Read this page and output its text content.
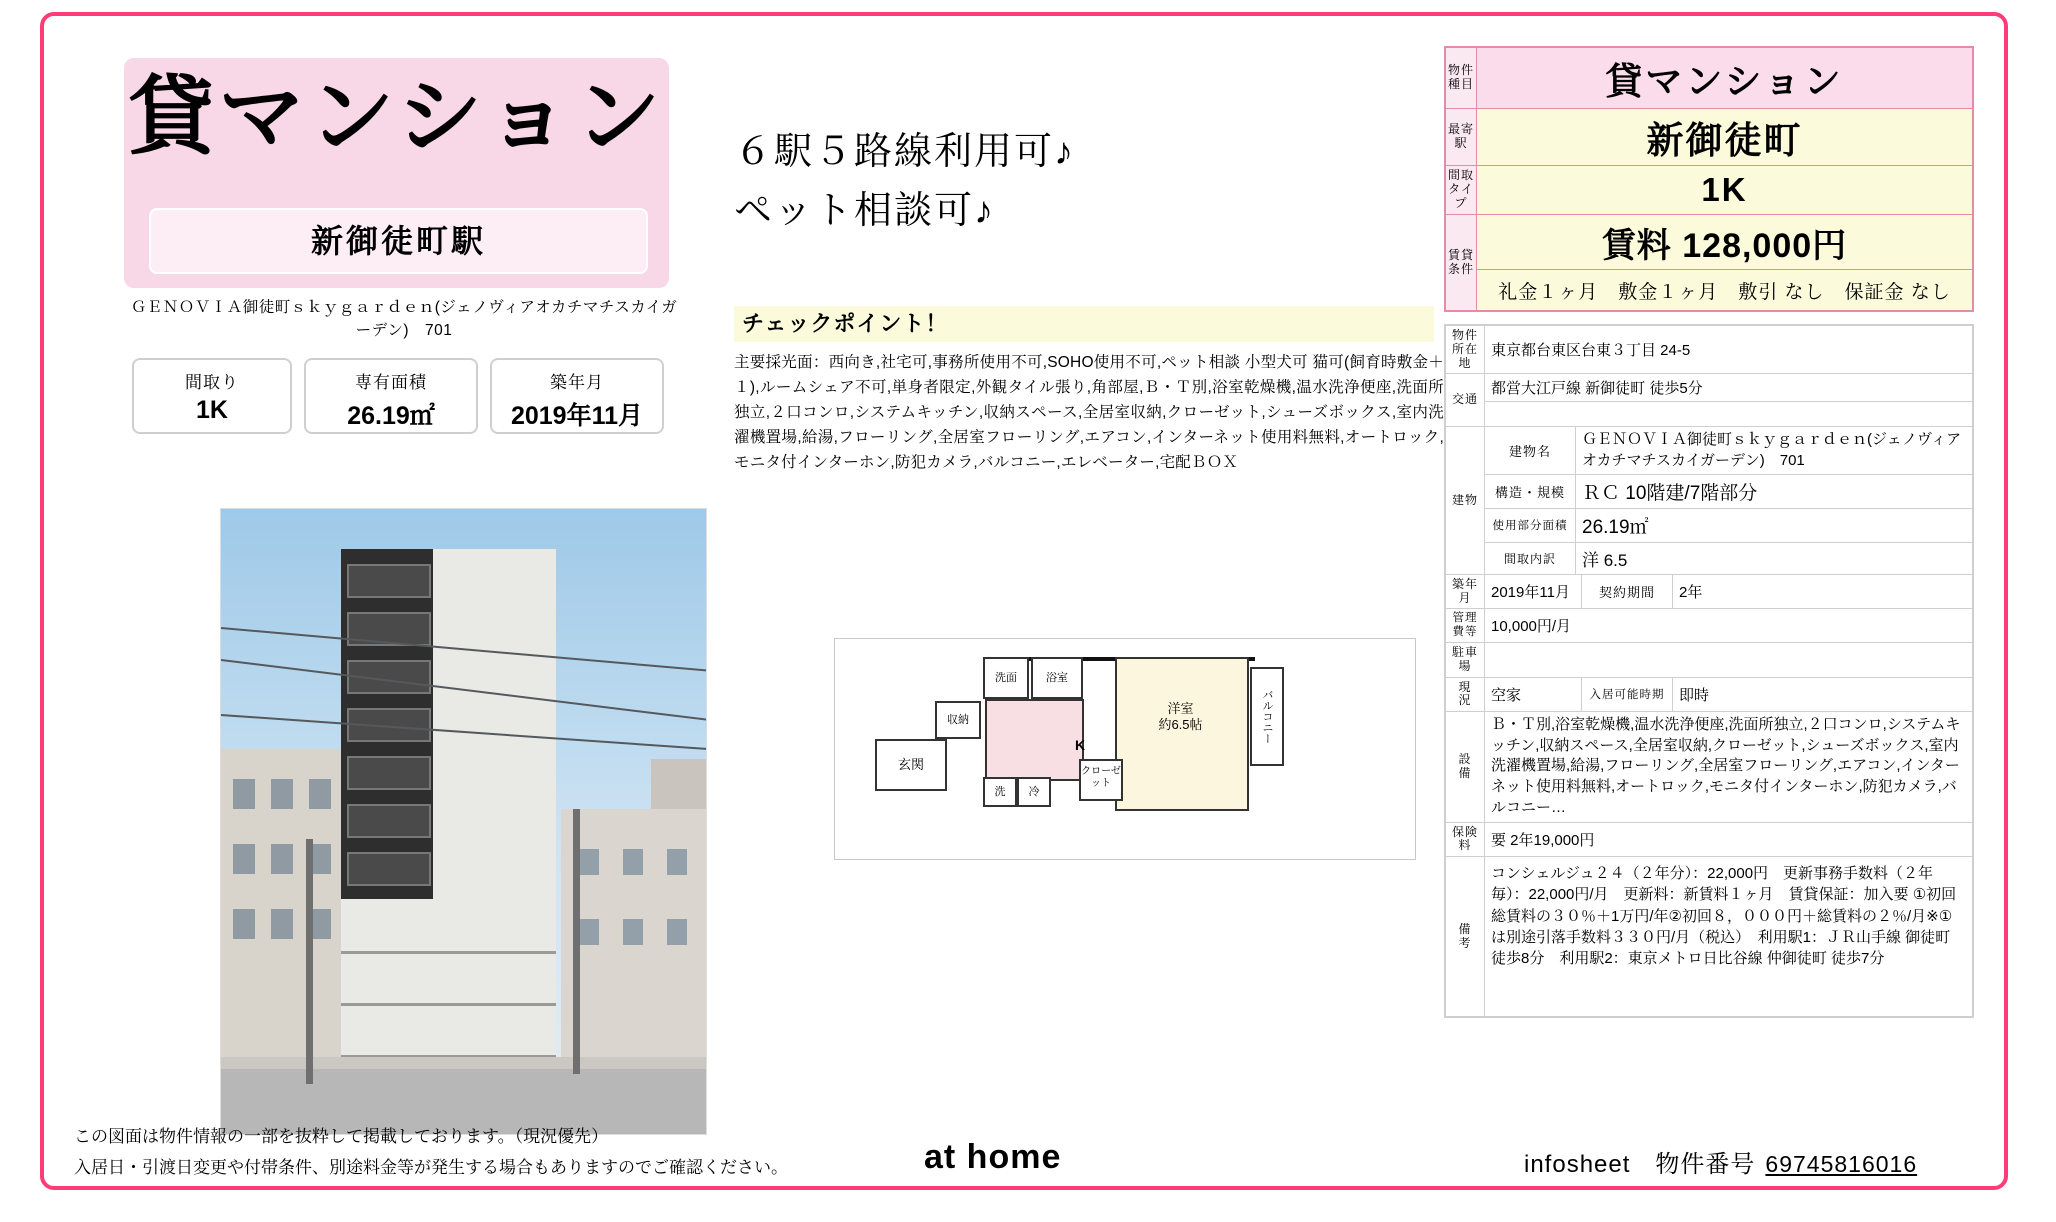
貸マンション
新御徒町駅
ＧＥＮＯＶＩＡ御徒町ｓｋｙｇａｒｄｅｎ(ジェノヴィアオカチマチスカイガーデン)　701
間取り
1K
専有面積
26.19㎡
築年月
2019年11月
６駅５路線利用可♪
ペット相談可♪
チェックポイント！
主要採光面：西向き,社宅可,事務所使用不可,SOHO使用不可,ペット相談 小型犬可 猫可(飼育時敷金＋１),ルームシェア不可,単身者限定,外観タイル張り,角部屋,Ｂ・Ｔ別,浴室乾燥機,温水洗浄便座,洗面所独立,２口コンロ,システムキッチン,収納スペース,全居室収納,クローゼット,シューズボックス,室内洗濯機置場,給湯,フローリング,全居室フローリング,エアコン,インターネット使用料無料,オートロック,モニタ付インターホン,防犯カメラ,バルコニー,エレベーター,宅配ＢＯＸ
洋室
約6.5帖	バルコニー
洗面	浴室
収納
K
洗	冷
クローゼット
玄関
物件種目	貸マンション
最寄駅	新御徒町
間取タイプ	1K
賃貸条件	賃料 128,000円
	礼金１ヶ月　敷金１ヶ月　敷引 なし　保証金 なし
物件所在地	東京都台東区台東３丁目 24-5			
交通	都営大江戸線 新御徒町 徒歩5分			

建物	建物名	ＧＥＮＯＶＩＡ御徒町ｓｋｙｇａｒｄｅｎ(ジェノヴィアオカチマチスカイガーデン)　701		
	構造・規模	ＲＣ 10階建/7階部分		
	使用部分面積	26.19㎡		
	間取内訳	洋 6.5		
築年月	2019年11月		契約期間	2年
管理費等	10,000円/月			
駐車場				
現　況	空家		入居可能時期	即時
設　備	Ｂ・Ｔ別,浴室乾燥機,温水洗浄便座,洗面所独立,２口コンロ,システムキッチン,収納スペース,全居室収納,クローゼット,シューズボックス,室内洗濯機置場,給湯,フローリング,全居室フローリング,エアコン,インターネット使用料無料,オートロック,モニタ付インターホン,防犯カメラ,バルコニー…			
保険料	要 2年19,000円			
備　考	コンシェルジュ２４（２年分）：22,000円　更新事務手数料（２年毎）：22,000円/月　更新料：新賃料１ヶ月　賃貸保証：加入要 ①初回総賃料の３０％＋1万円/年②初回８，０００円＋総賃料の２％/月※①は別途引落手数料３３０円/月（税込）　利用駅1：ＪＲ山手線 御徒町 徒歩8分　利用駅2：東京メトロ日比谷線 仲御徒町 徒歩7分			
この図面は物件情報の一部を抜粋して掲載しております。（現況優先）
入居日・引渡日変更や付帯条件、別途料金等が発生する場合もありますのでご確認ください。	at home	infosheet　物件番号 69745816016
